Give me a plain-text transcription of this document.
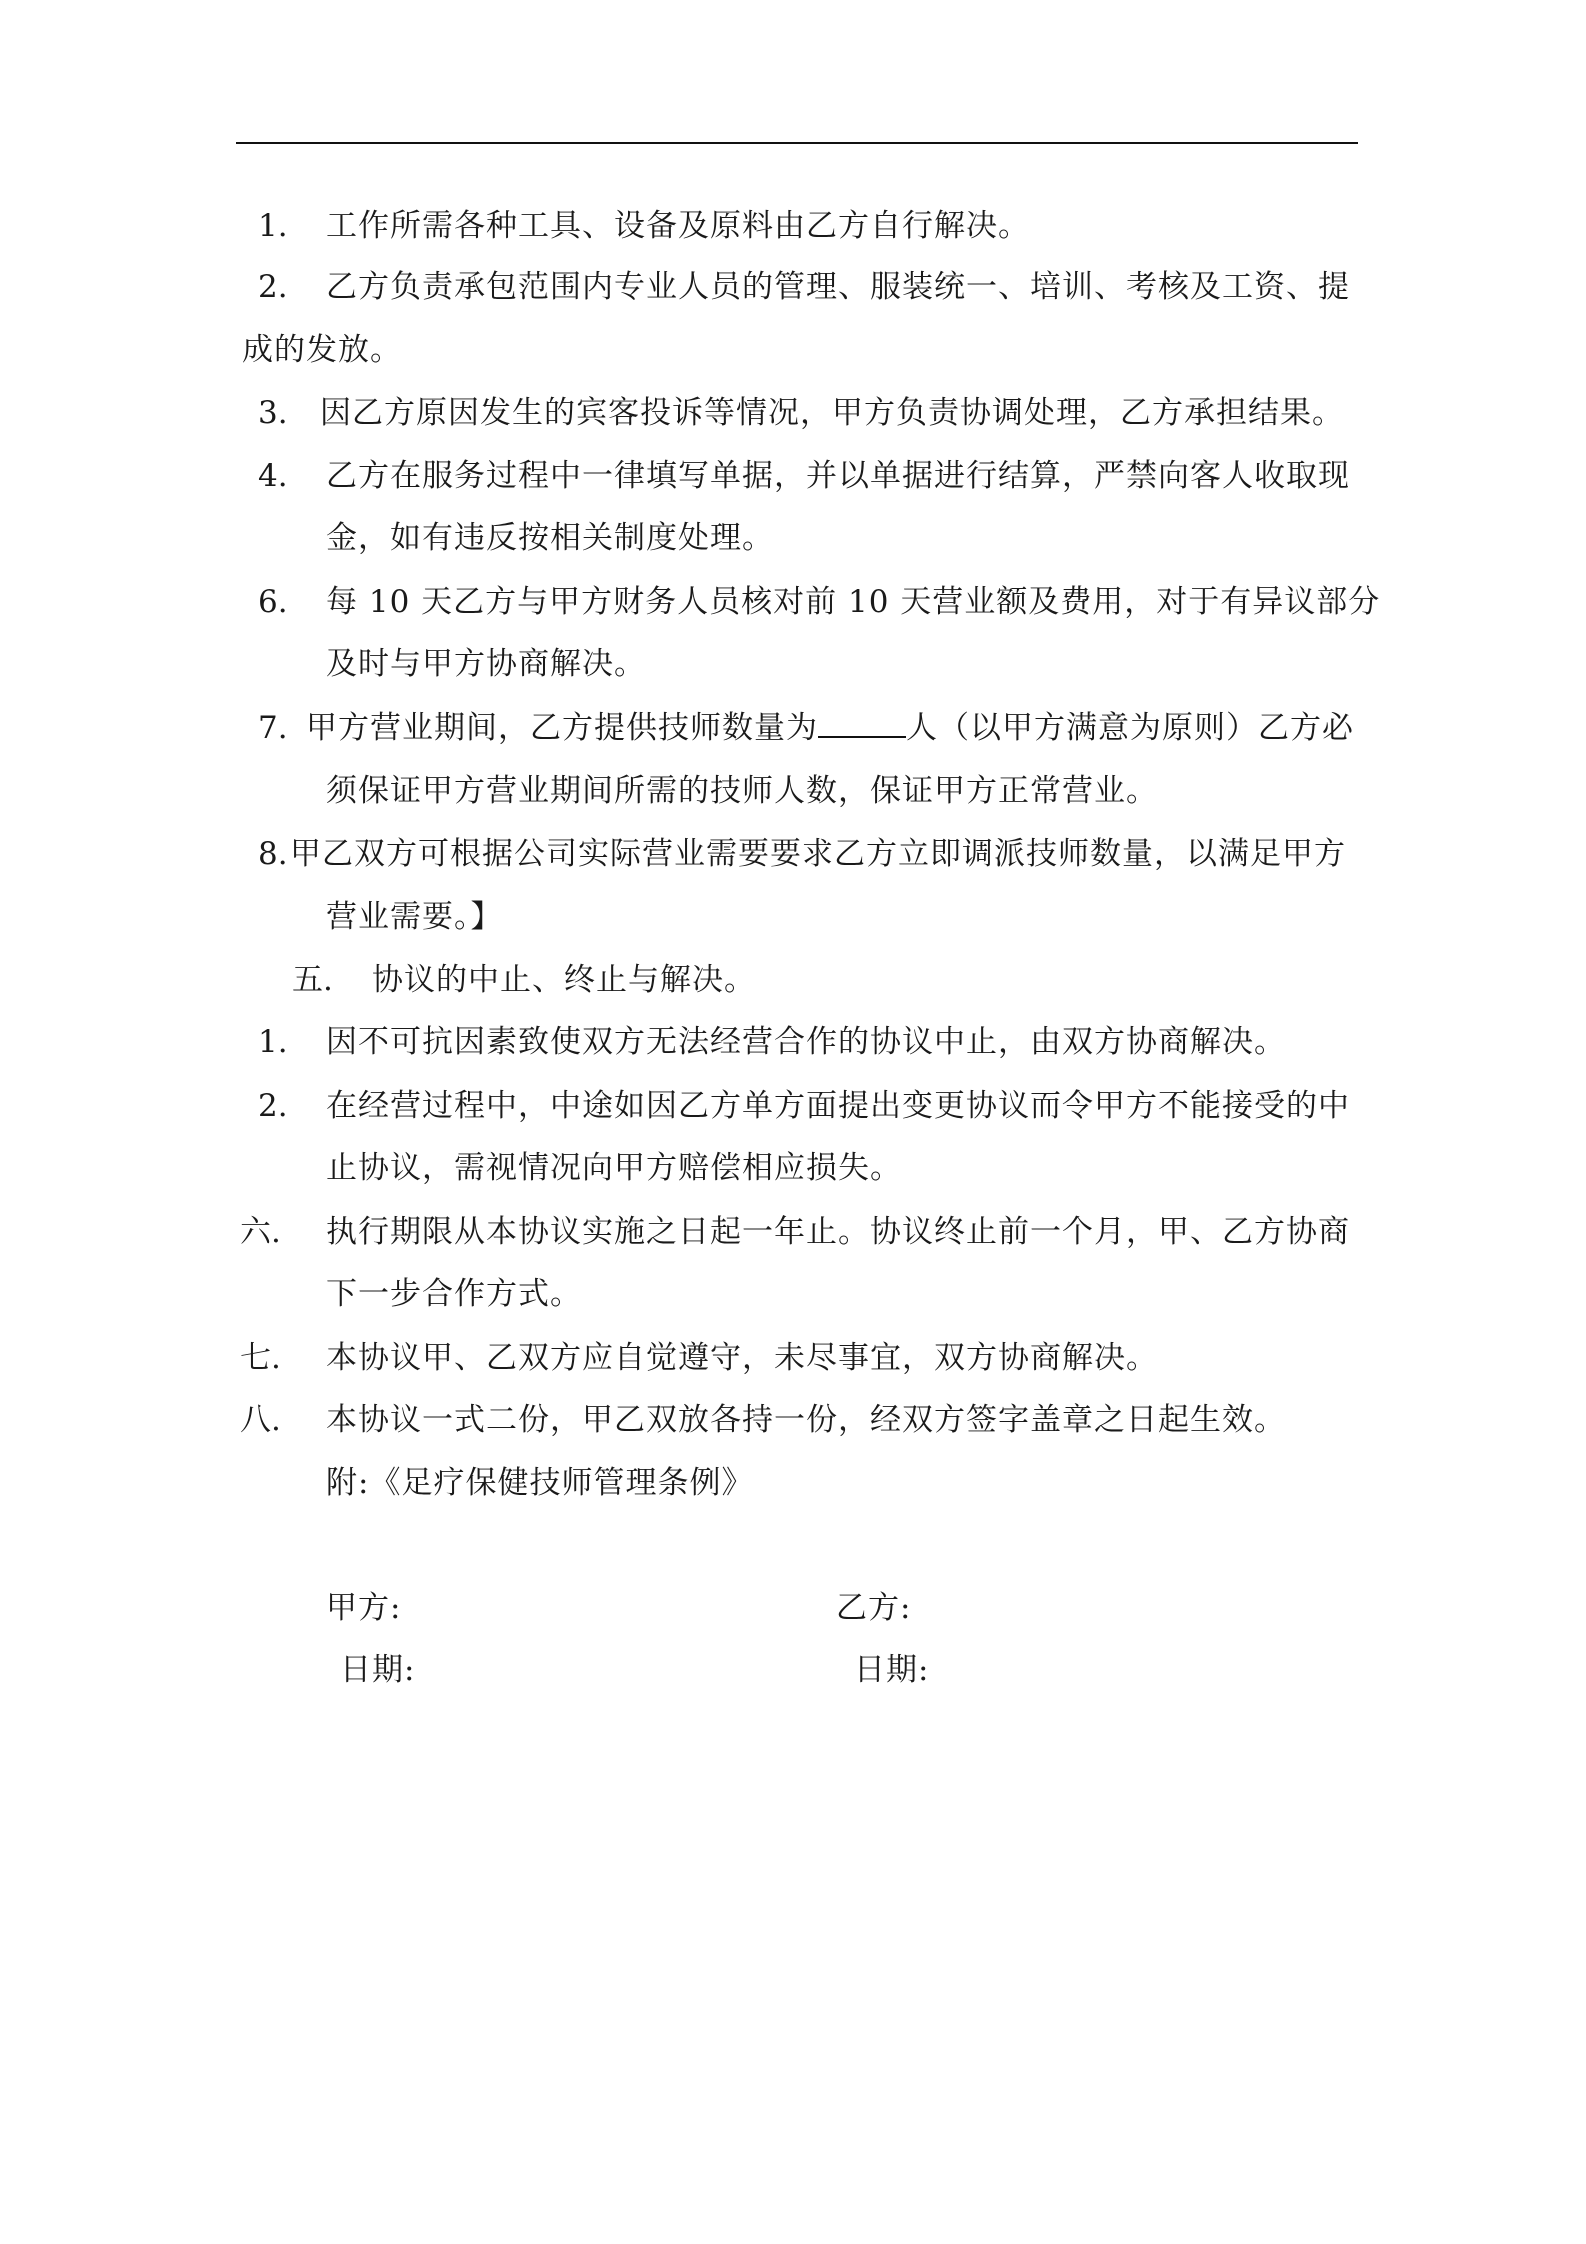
1. 工作所需各种工具、设备及原料由乙方自行解决。
2. 乙方负责承包范围内专业人员的管理、服装统一、培训、考核及工资、提
成的发放。
3. 因乙方原因发生的宾客投诉等情况，甲方负责协调处理，乙方承担结果。
4. 乙方在服务过程中一律填写单据，并以单据进行结算，严禁向客人收取现
金，如有违反按相关制度处理。
6. 每 10 天乙方与甲方财务人员核对前 10 天营业额及费用，对于有异议部分
及时与甲方协商解决。
7. 甲方营业期间，乙方提供技师数量为	人（以甲方满意为原则）乙方必
须保证甲方营业期间所需的技师人数，保证甲方正常营业。
8. 甲乙双方可根据公司实际营业需要要求乙方立即调派技师数量，以满足甲方
营业需要。】
五. 协议的中止、终止与解决。
1. 因不可抗因素致使双方无法经营合作的协议中止，由双方协商解决。
2. 在经营过程中，中途如因乙方单方面提出变更协议而令甲方不能接受的中
止协议，需视情况向甲方赔偿相应损失。
六. 执行期限从本协议实施之日起一年止。协议终止前一个月，甲、乙方协商
下一步合作方式。
七. 本协议甲、乙双方应自觉遵守，未尽事宜，双方协商解决。
八. 本协议一式二份，甲乙双放各持一份，经双方签字盖章之日起生效。
附:《足疗保健技师管理条例》
甲方:	乙方:
日期:	日期:
